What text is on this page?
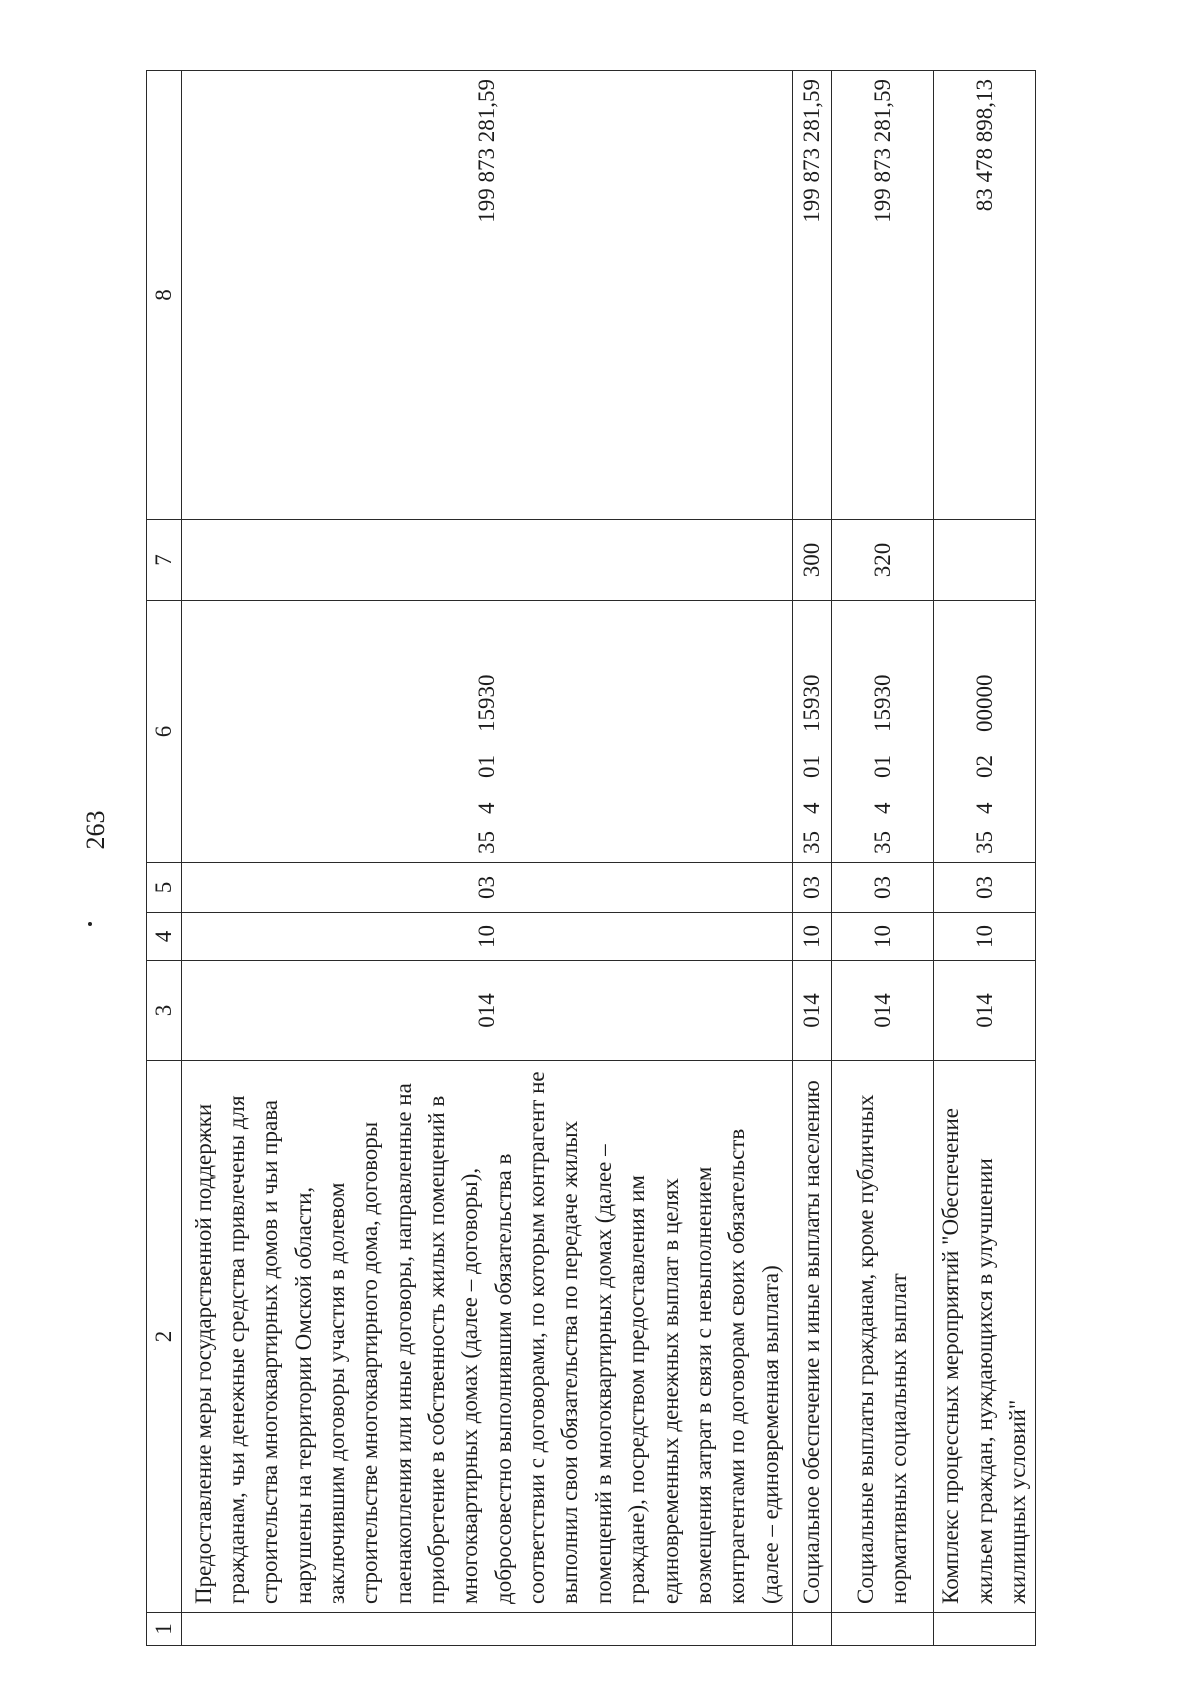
263
1	2	3	4	5	6	7	8
	Предоставление меры государственной поддержки гражданам, чьи денежные средства привлечены для строительства многоквартирных домов и чьи права нарушены на территории Омской области, заключившим договоры участия в долевом строительстве многоквартирного дома, договоры паенакопления или иные договоры, направленные на приобретение в собственность жилых помещений в многоквартирных домах (далее – договоры), добросовестно выполнившим обязательства в соответствии с договорами, по которым контрагент не выполнил свои обязательства по передаче жилых помещений в многоквартирных домах (далее – граждане), посредством предоставления им единовременных денежных выплат в целях возмещения затрат в связи с невыполнением контрагентами по договорам своих обязательств (далее – единовременная выплата)	014	10	03	3540115930		199 873 281,59
	Социальное обеспечение и иные выплаты населению	014	10	03	3540115930	300	199 873 281,59
	Социальные выплаты гражданам, кроме публичных нормативных социальных выплат	014	10	03	3540115930	320	199 873 281,59
	Комплекс процессных мероприятий "Обеспечение жильем граждан, нуждающихся в улучшении жилищных условий"	014	10	03	3540200000		83 478 898,13
